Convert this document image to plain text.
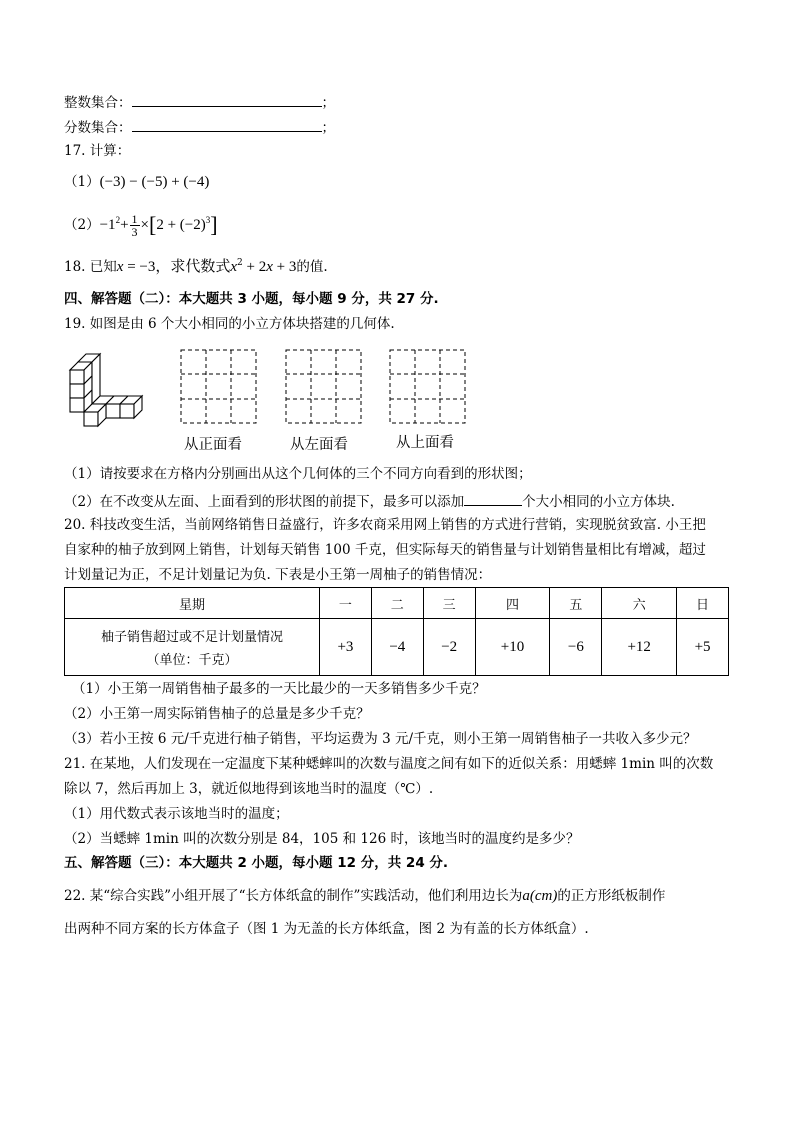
整数集合：	；
分数集合：	；
17. 计算：
（1）(−3) − (−5) + (−4)
$(2)-1^2+ \frac{1}{3} \times[2 + (-2)^3]$
18. 已知x = −3，求代数式$x^2 + 2x + 3$的值.
四、解答题（二）：本大题共 3 小题，每小题 9 分，共 27 分.
19. 如图是由 6 个大小相同的小立方体块搭建的几何体.
从正面看	从左面看	从上面看
（1）请按要求在方格内分别画出从这个几何体的三个不同方向看到的形状图；
（2）在不改变从左面、上面看到的形状图的前提下，最多可以添加	个大小相同的小立方体块.
20. 科技改变生活，当前网络销售日益盛行，许多农商采用网上销售的方式进行营销，实现脱贫致富. 小王把
自家种的柚子放到网上销售，计划每天销售 100 千克，但实际每天的销售量与计划销售量相比有增减，超过
计划量记为正，不足计划量记为负. 下表是小王第一周柚子的销售情况：
星期	一	二	三	四	五	六	日

柚子销售超过或不足计划量情况
（单位：千克）	+3	−4	−2	+10	−6	+12	+5
（1）小王第一周销售柚子最多的一天比最少的一天多销售多少千克？
（2）小王第一周实际销售柚子的总量是多少千克？
（3）若小王按 6 元/千克进行柚子销售，平均运费为 3 元/千克，则小王第一周销售柚子一共收入多少元？
21. 在某地，人们发现在一定温度下某种蟋蟀叫的次数与温度之间有如下的近似关系：用蟋蟀 1min 叫的次数
除以 7，然后再加上 3，就近似地得到该地当时的温度（℃）.
（1）用代数式表示该地当时的温度；
（2）当蟋蟀 1min 叫的次数分别是 84，105 和 126 时，该地当时的温度约是多少？
五、解答题（三）：本大题共 2 小题，每小题 12 分，共 24 分.
22. 某“综合实践”小组开展了“长方体纸盒的制作”实践活动，他们利用边长为a(cm)的正方形纸板制作
出两种不同方案的长方体盒子（图 1 为无盖的长方体纸盒，图 2 为有盖的长方体纸盒）.
